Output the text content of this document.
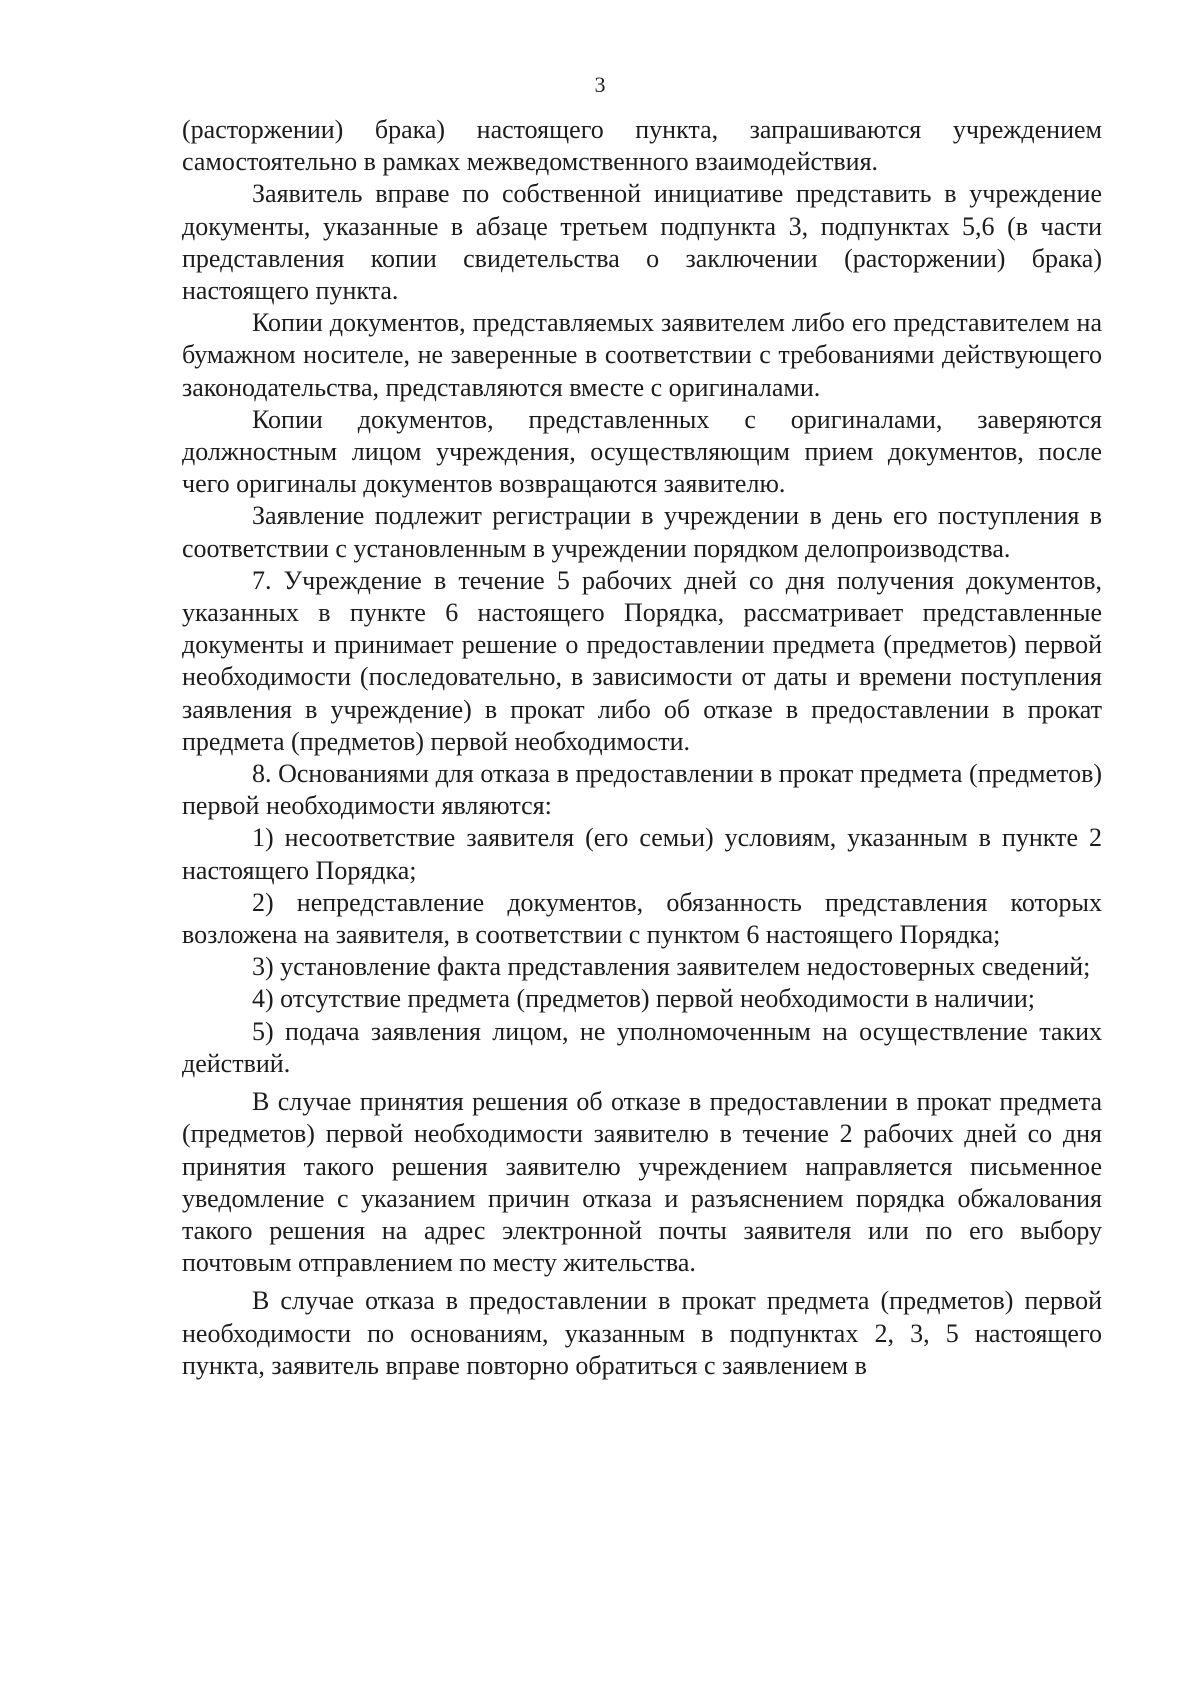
3

(расторжении) брака) настоящего пункта, запрашиваются учреждением самостоятельно в рамках межведомственного взаимодействия.

Заявитель вправе по собственной инициативе представить в учреждение документы, указанные в абзаце третьем подпункта 3, подпунктах 5,6 (в части представления копии свидетельства о заключении (расторжении) брака) настоящего пункта.

Копии документов, представляемых заявителем либо его представителем на бумажном носителе, не заверенные в соответствии с требованиями действующего законодательства, представляются вместе с оригиналами.

Копии документов, представленных с оригиналами, заверяются должностным лицом учреждения, осуществляющим прием документов, после чего оригиналы документов возвращаются заявителю.

Заявление подлежит регистрации в учреждении в день его поступления в соответствии с установленным в учреждении порядком делопроизводства.

7. Учреждение в течение 5 рабочих дней со дня получения документов, указанных в пункте 6 настоящего Порядка, рассматривает представленные документы и принимает решение о предоставлении предмета (предметов) первой необходимости (последовательно, в зависимости от даты и времени поступления заявления в учреждение) в прокат либо об отказе в предоставлении в прокат предмета (предметов) первой необходимости.

8. Основаниями для отказа в предоставлении в прокат предмета (предметов) первой необходимости являются:

1) несоответствие заявителя (его семьи) условиям, указанным в пункте 2 настоящего Порядка;

2) непредставление документов, обязанность представления которых возложена на заявителя, в соответствии с пунктом 6 настоящего Порядка;

3) установление факта представления заявителем недостоверных сведений;

4) отсутствие предмета (предметов) первой необходимости в наличии;

5) подача заявления лицом, не уполномоченным на осуществление таких действий.

В случае принятия решения об отказе в предоставлении в прокат предмета (предметов) первой необходимости заявителю в течение 2 рабочих дней со дня принятия такого решения заявителю учреждением направляется письменное уведомление с указанием причин отказа и разъяснением порядка обжалования такого решения на адрес электронной почты заявителя или по его выбору почтовым отправлением по месту жительства.

В случае отказа в предоставлении в прокат предмета (предметов) первой необходимости по основаниям, указанным в подпунктах 2, 3, 5 настоящего пункта, заявитель вправе повторно обратиться с заявлением в
